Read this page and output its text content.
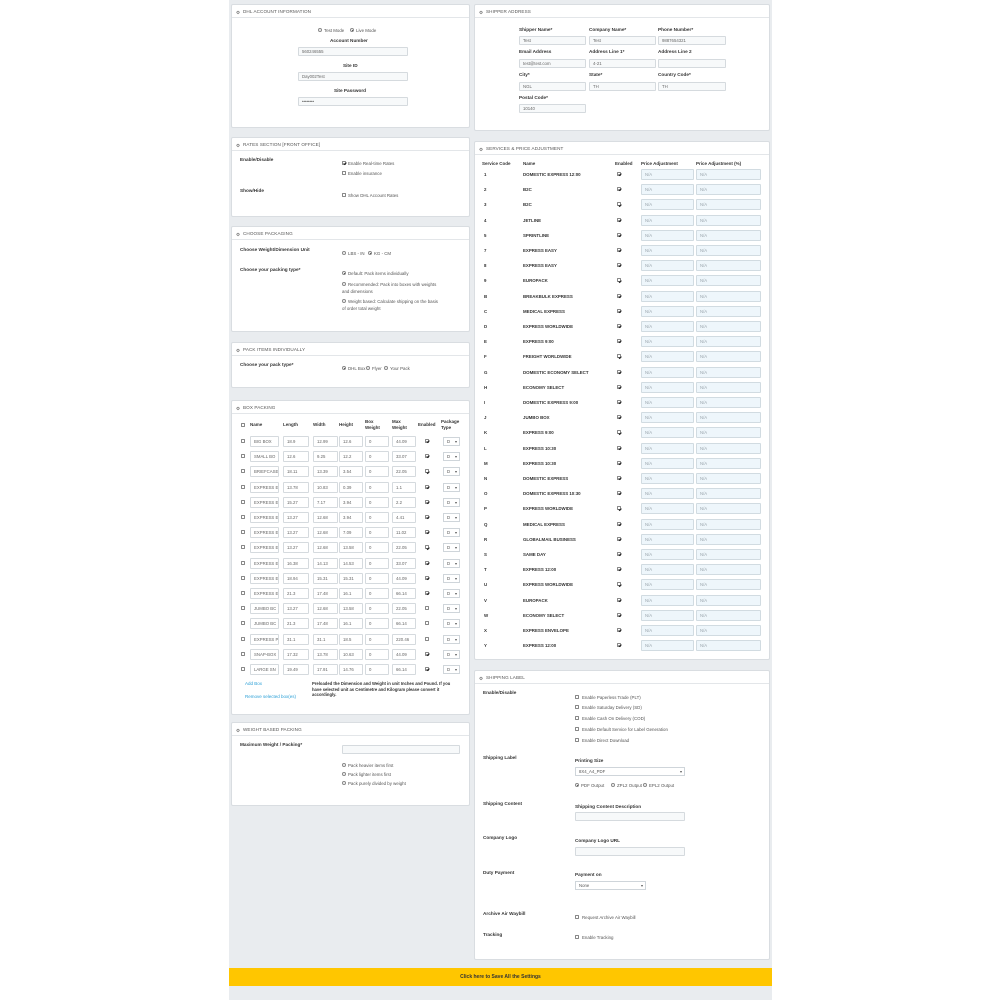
⚙ DHL ACCOUNT INFORMATION
Test Mode	Live Mode
Account Number
560246555
Site ID
Day002Test
Site Password
••••••••
⚙ SHIPPER ADDRESS
Shipper Name*	Company Name*	Phone Number*
Test	Test	9887654321
Email Address	Address Line 1*	Address Line 2
test@test.com	4-21
City*	State*	Country Code*
NGL	TH	TH
Postal Code*
10140
⚙ RATES SECTION [FRONT OFFICE]
Enable/Disable
Enable Real-time Rates
Enable insurance
Show/Hide
Show DHL Account Rates
⚙ CHOOSE PACKAGING
Choose Weight/Dimension Unit
LBS - IN KG - CM
Choose your packing type*
Default: Pack items individually
Recommended: Pack into boxes with weights
and dimensions
Weight based: Calculate shipping on the basis
of order total weight
⚙ PACK ITEMS INDIVIDUALLY
Choose your pack type*
DHL Box Flyer Your Pack
⚙ BOX PACKING
Name	Length	Width	Height
Box
Weight
Max
Weight
Enabled
Package
Type
BIG BOX	18.9	12.99	12.6	0	44.09	D ▾
SMALL BO	12.6	9.25	12.2	0	33.07	D ▾
BRIEFCASE	18.11	13.39	3.54	0	22.05	D ▾
EXPRESS E	13.78	10.83	0.39	0	1.1	D ▾
EXPRESS E	15.27	7.17	3.94	0	2.2	D ▾
EXPRESS E	13.27	12.68	3.94	0	4.41	D ▾
EXPRESS E	13.27	12.68	7.09	0	11.02	D ▾
EXPRESS E	13.27	12.68	13.58	0	22.05	D ▾
EXPRESS E	16.38	14.13	14.53	0	33.07	D ▾
EXPRESS E	18.94	15.31	15.31	0	44.09	D ▾
EXPRESS E	21.3	17.48	16.1	0	66.14	D ▾
JUMBO BC	13.27	12.68	13.58	0	22.05	D ▾
JUMBO BC	21.3	17.48	16.1	0	66.14	D ▾
EXPRESS P	31.1	31.1	18.5	0	220.46	D ▾
SNAP-BOX	17.32	13.78	10.63	0	44.09	D ▾
LARGE SN	19.49	17.91	14.76	0	66.14	D ▾
Add Box
Remove selected box(es)
Preloaded the Dimension and Weight in unit Inches and Pound. If you
have selected unit as Centimetre and Kilogram please convert it
accordingly.
⚙ WEIGHT BASED PACKING
Maximum Weight / Packing*
Pack heavier items first
Pack lighter items first
Pack purely divided by weight
⚙ SERVICES & PRICE ADJUSTMENT
Service Code	Name	Enabled Price Adjustment	Price Adjustment (%)
1	DOMESTIC EXPRESS 12:00	N/A	N/A
2	B2C	N/A	N/A
3	B2C	N/A	N/A
4	JETLINE	N/A	N/A
5	SPRINTLINE	N/A	N/A
7	EXPRESS EASY	N/A	N/A
8	EXPRESS EASY	N/A	N/A
9	EUROPACK	N/A	N/A
B	BREAKBULK EXPRESS	N/A	N/A
C	MEDICAL EXPRESS	N/A	N/A
D	EXPRESS WORLDWIDE	N/A	N/A
E	EXPRESS 9:00	N/A	N/A
F	FREIGHT WORLDWIDE	N/A	N/A
G	DOMESTIC ECONOMY SELECT	N/A	N/A
H	ECONOMY SELECT	N/A	N/A
I	DOMESTIC EXPRESS 9:00	N/A	N/A
J	JUMBO BOX	N/A	N/A
K	EXPRESS 9:00	N/A	N/A
L	EXPRESS 10:30	N/A	N/A
M	EXPRESS 10:30	N/A	N/A
N	DOMESTIC EXPRESS	N/A	N/A
O	DOMESTIC EXPRESS 10:30	N/A	N/A
P	EXPRESS WORLDWIDE	N/A	N/A
Q	MEDICAL EXPRESS	N/A	N/A
R	GLOBALMAIL BUSINESS	N/A	N/A
S	SAME DAY	N/A	N/A
T	EXPRESS 12:00	N/A	N/A
U	EXPRESS WORLDWIDE	N/A	N/A
V	EUROPACK	N/A	N/A
W	ECONOMY SELECT	N/A	N/A
X	EXPRESS ENVELOPE	N/A	N/A
Y	EXPRESS 12:00	N/A	N/A
⚙ SHIPPING LABEL
Enable/Disable
Enable Paperless Trade (PLT)
Enable Saturday Delivery (SD)
Enable Cash On Delivery (COD)
Enable Default Service for Label Generation
Enable Direct Download
Shipping Label
Printing Size
8X4_A4_PDF	▾
PDF Output	ZPL2 Output EPL2 Output
Shipping Content
Shipping Content Description
Company Logo
Company Logo URL
Duty Payment	Payment on
None	▾
Archive Air Waybill
Request Archive Air Waybill
Tracking
Enable Tracking
Click here to Save All the Settings
